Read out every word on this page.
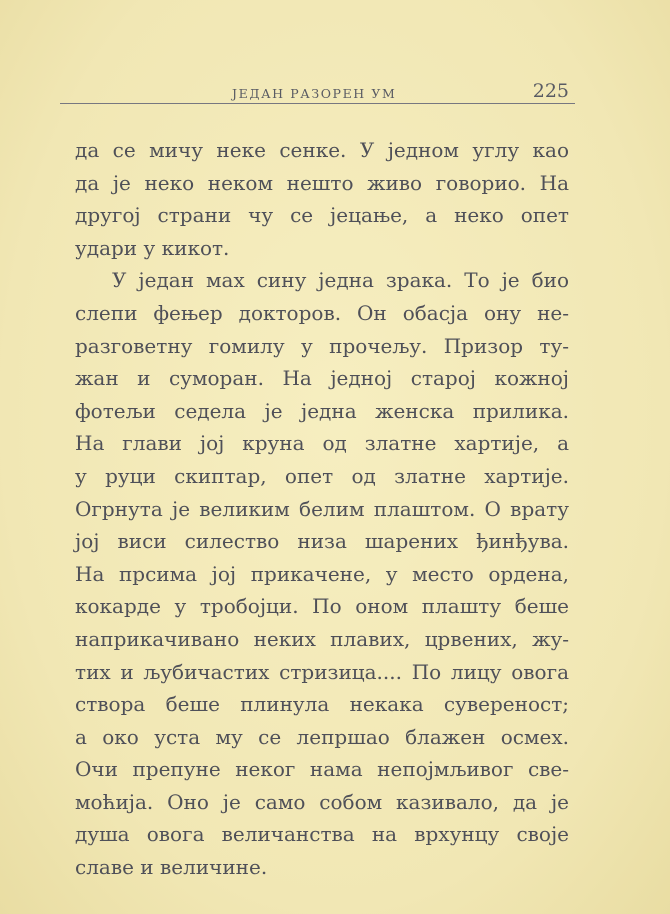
ЈЕДАН РАЗОРЕН УМ	225
да се мичу неке сенке. У једном углу као
да је неко неком нешто живо говорио. На
другој страни чу се јецање, а неко опет
удари у кикот.
У један мах сину једна зрака. То је био
слепи фењер докторов. Он обасја ону не-
разговетну гомилу у прочељу. Призор ту-
жан и суморан. На једној старој кожној
фотељи седела је једна женска прилика.
На глави јој круна од златне хартије, а
у руци скиптар, опет од златне хартије.
Огрнута је великим белим плаштом. О врату
јој виси силество низа шарених ђинђува.
На прсима јој прикачене, у место ордена,
кокарде у тробојци. По оном плашту беше
наприкачивано неких плавих, црвених, жу-
тих и љубичастих стризица.... По лицу овога
створа беше плинула некака сувереност;
а око уста му се лепршао блажен осмех.
Очи препуне неког нама непојмљивог све-
моћија. Оно је само собом казивало, да је
душа овога величанства на врхунцу своје
славе и величине.
